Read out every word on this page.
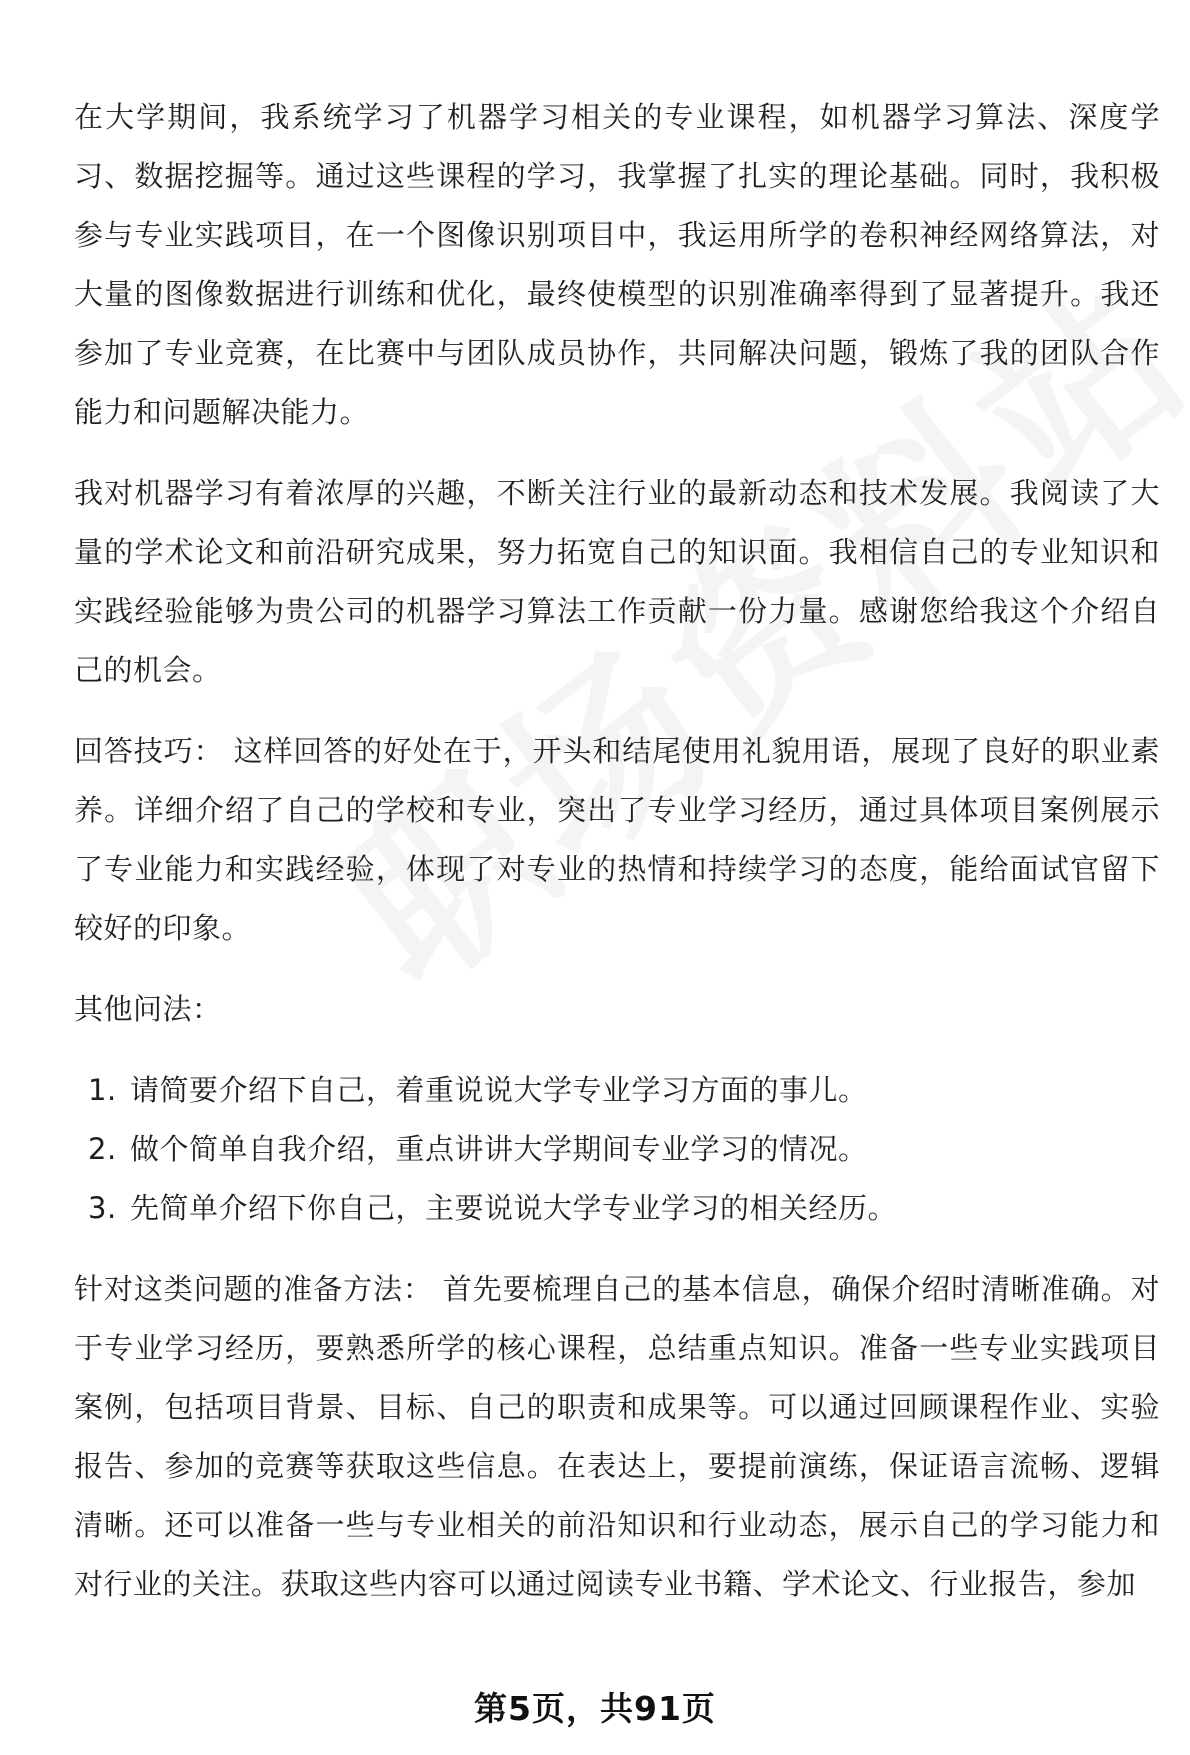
在大学期间，我系统学习了机器学习相关的专业课程，如机器学习算法、深度学习、数据挖掘等。通过这些课程的学习，我掌握了扎实的理论基础。同时，我积极参与专业实践项目，在一个图像识别项目中，我运用所学的卷积神经网络算法，对大量的图像数据进行训练和优化，最终使模型的识别准确率得到了显著提升。我还参加了专业竞赛，在比赛中与团队成员协作，共同解决问题，锻炼了我的团队合作能力和问题解决能力。

我对机器学习有着浓厚的兴趣，不断关注行业的最新动态和技术发展。我阅读了大量的学术论文和前沿研究成果，努力拓宽自己的知识面。我相信自己的专业知识和实践经验能够为贵公司的机器学习算法工作贡献一份力量。感谢您给我这个介绍自己的机会。

回答技巧： 这样回答的好处在于，开头和结尾使用礼貌用语，展现了良好的职业素养。详细介绍了自己的学校和专业，突出了专业学习经历，通过具体项目案例展示了专业能力和实践经验，体现了对专业的热情和持续学习的态度，能给面试官留下较好的印象。

其他问法：

1. 请简要介绍下自己，着重说说大学专业学习方面的事儿。
2. 做个简单自我介绍，重点讲讲大学期间专业学习的情况。
3. 先简单介绍下你自己，主要说说大学专业学习的相关经历。

针对这类问题的准备方法： 首先要梳理自己的基本信息，确保介绍时清晰准确。对于专业学习经历，要熟悉所学的核心课程，总结重点知识。准备一些专业实践项目案例，包括项目背景、目标、自己的职责和成果等。可以通过回顾课程作业、实验报告、参加的竞赛等获取这些信息。在表达上，要提前演练，保证语言流畅、逻辑清晰。还可以准备一些与专业相关的前沿知识和行业动态，展示自己的学习能力和对行业的关注。获取这些内容可以通过阅读专业书籍、学术论文、行业报告，参加

第5页，共91页
